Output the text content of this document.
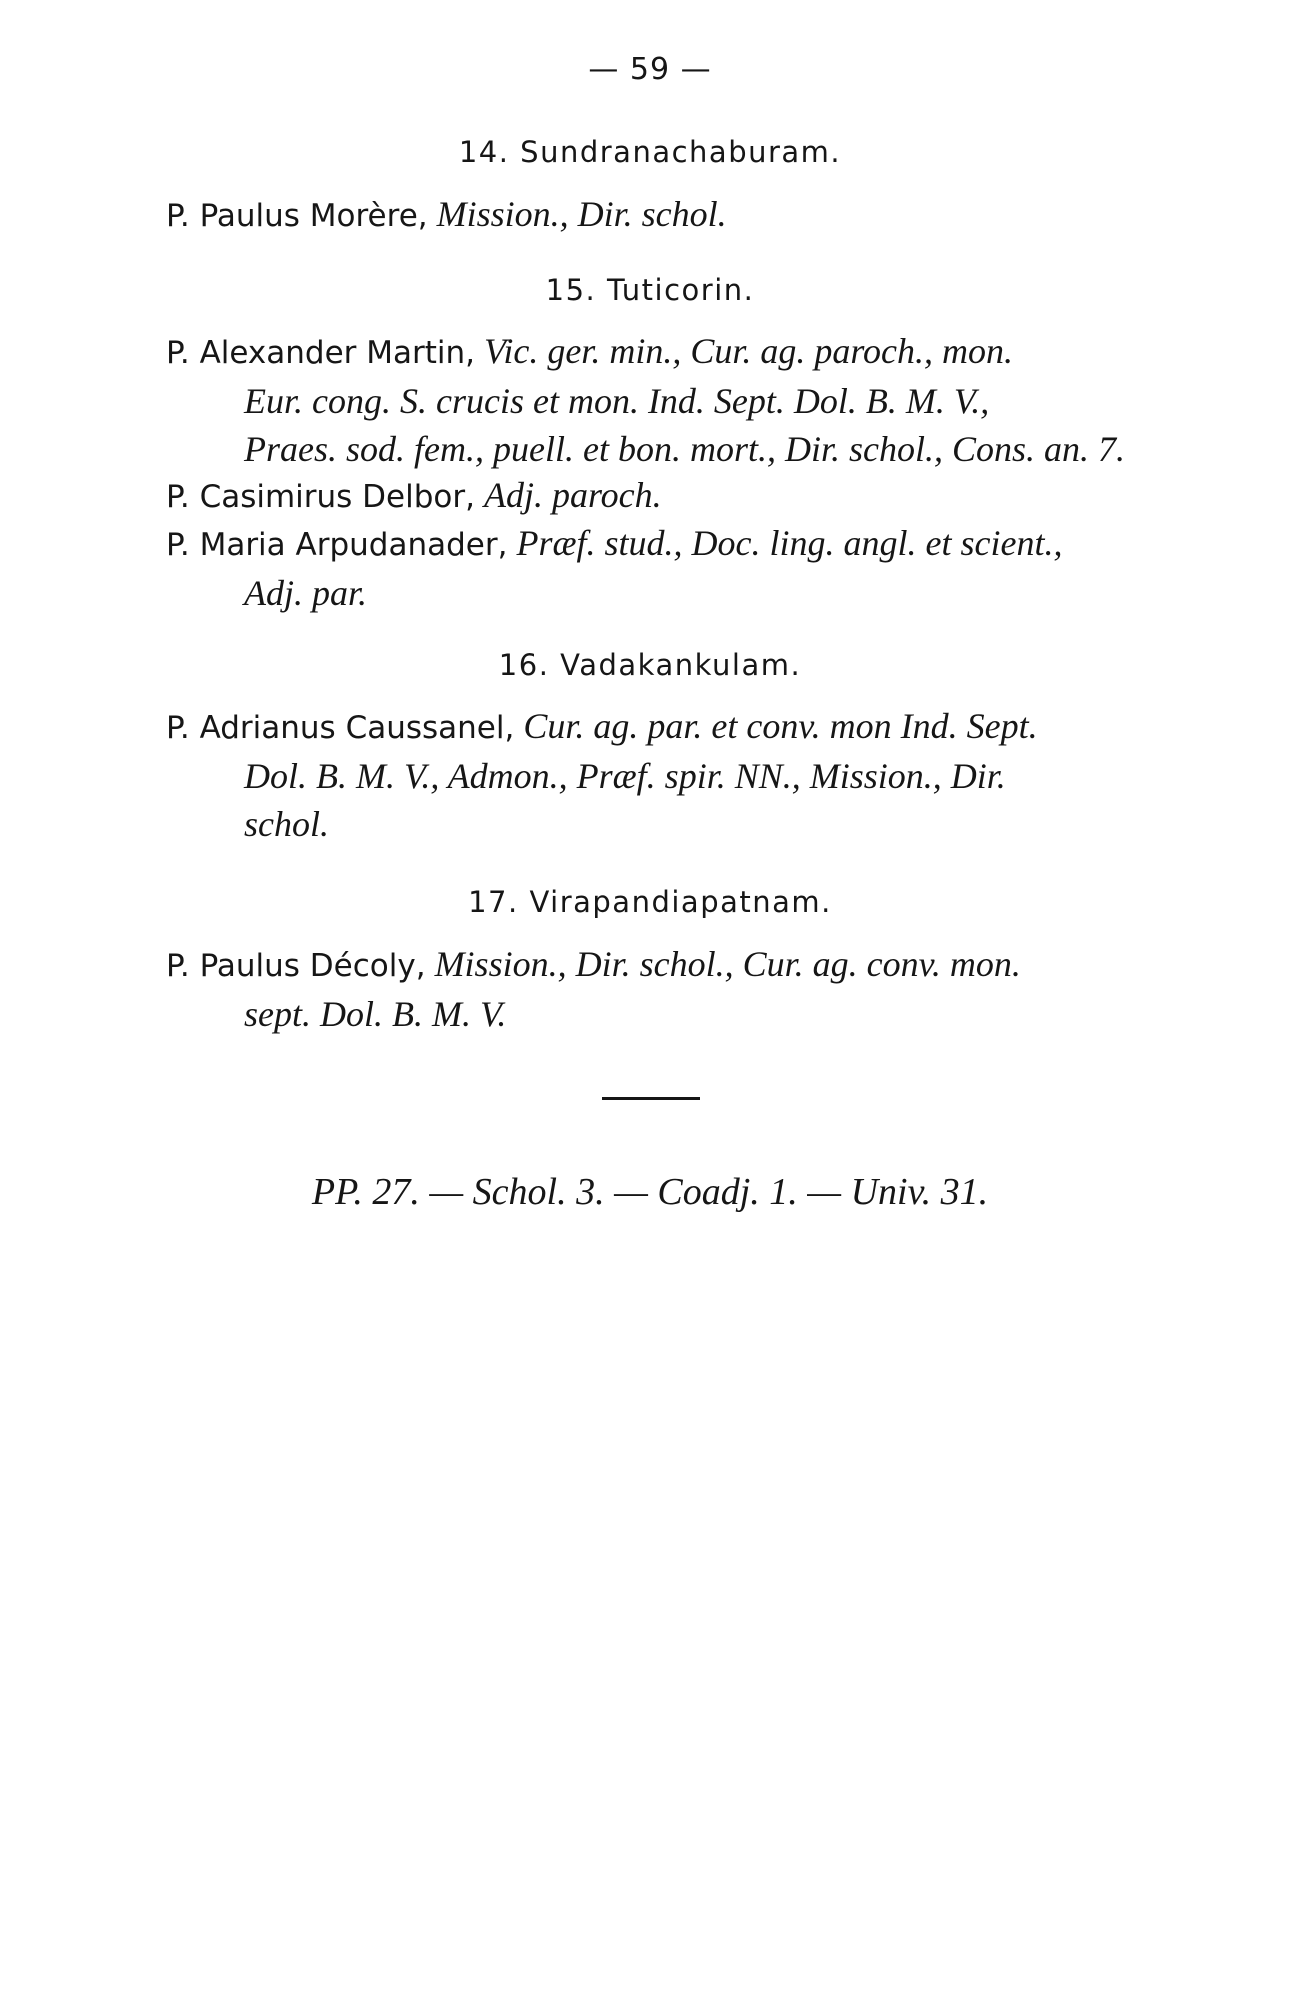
— 59 —
14. Sundranachaburam.
P. Paulus Morère, Mission., Dir. schol.
15. Tuticorin.
P. Alexander Martin, Vic. ger. min., Cur. ag. paroch., mon.
Eur. cong. S. crucis et mon. Ind. Sept. Dol. B. M. V.,
Praes. sod. fem., puell. et bon. mort., Dir. schol., Cons. an. 7.
P. Casimirus Delbor, Adj. paroch.
P. Maria Arpudanader, Præf. stud., Doc. ling. angl. et scient.,
Adj. par.
16. Vadakankulam.
P. Adrianus Caussanel, Cur. ag. par. et conv. mon Ind. Sept.
Dol. B. M. V., Admon., Præf. spir. NN., Mission., Dir.
schol.
17. Virapandiapatnam.
P. Paulus Décoly, Mission., Dir. schol., Cur. ag. conv. mon.
sept. Dol. B. M. V.
PP. 27. — Schol. 3. — Coadj. 1. — Univ. 31.
